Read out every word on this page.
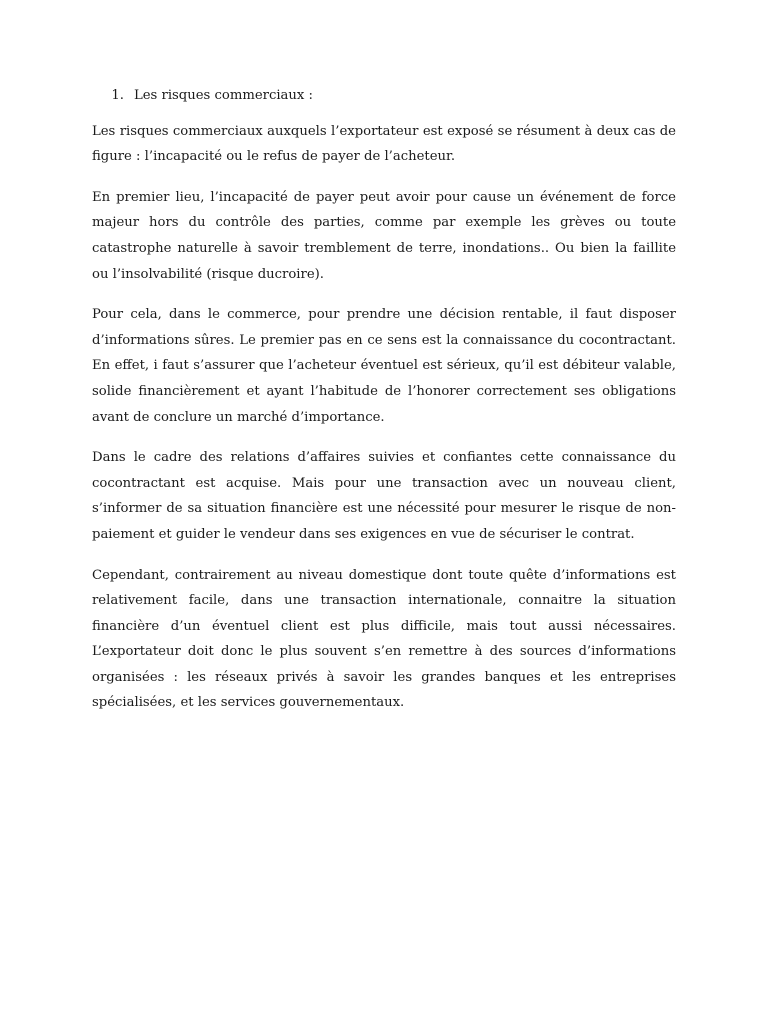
1. Les risques commerciaux :

Les risques commerciaux auxquels l’exportateur est exposé se résument à deux cas de figure : l’incapacité ou le refus de payer de l’acheteur.

En premier lieu, l’incapacité de payer peut avoir pour cause un événement de force majeur hors du contrôle des parties, comme par exemple les grèves ou toute catastrophe naturelle à savoir tremblement de terre, inondations.. Ou bien la faillite ou l’insolvabilité (risque ducroire).

Pour cela, dans le commerce, pour prendre une décision rentable, il faut disposer d’informations sûres. Le premier pas en ce sens est la connaissance du cocontractant. En effet, i faut s’assurer que l’acheteur éventuel est sérieux, qu’il est débiteur valable, solide financièrement et ayant l’habitude de l’honorer correctement ses obligations avant de conclure un marché d’importance.

Dans le cadre des relations d’affaires suivies et confiantes cette connaissance du cocontractant est acquise. Mais pour une transaction avec un nouveau client, s’informer de sa situation financière est une nécessité pour mesurer le risque de non-paiement et guider le vendeur dans ses exigences en vue de sécuriser le contrat.

Cependant, contrairement au niveau domestique dont toute quête d’informations est relativement facile, dans une transaction internationale, connaitre la situation financière d’un éventuel client est plus difficile, mais tout aussi nécessaires. L’exportateur doit donc le plus souvent s’en remettre à des sources d’informations organisées : les réseaux privés à savoir les grandes banques et les entreprises spécialisées, et les services gouvernementaux.
